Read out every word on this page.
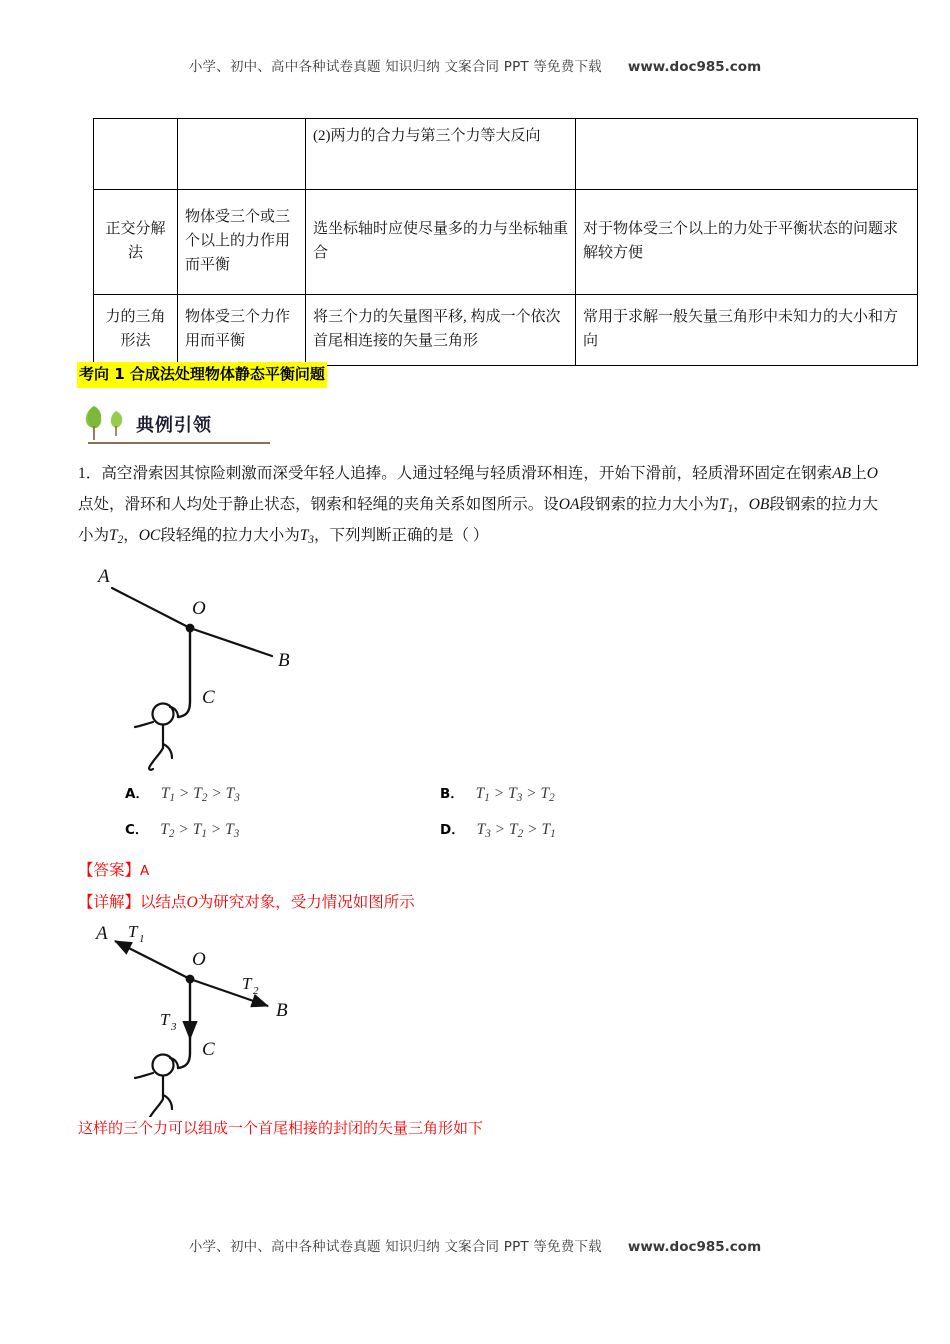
小学、初中、高中各种试卷真题 知识归纳 文案合同 PPT 等免费下载 www.doc985.com
		(2)两力的合力与第三个力等大反向	
正交分解法	物体受三个或三个以上的力作用而平衡	选坐标轴时应使尽量多的力与坐标轴重合	对于物体受三个以上的力处于平衡状态的问题求解较方便
力的三角形法	物体受三个力作用而平衡	将三个力的矢量图平移, 构成一个依次首尾相连接的矢量三角形	常用于求解一般矢量三角形中未知力的大小和方向
考向 1 合成法处理物体静态平衡问题
典例引领
1．高空滑索因其惊险刺激而深受年轻人追捧。人通过轻绳与轻质滑环相连，开始下滑前，轻质滑环固定在钢索AB上O点处，滑环和人均处于静止状态，钢索和轻绳的夹角关系如图所示。设OA段钢索的拉力大小为$T_1$，OB段钢索的拉力大小为$T_2$，OC段轻绳的拉力大小为$T_3$，下列判断正确的是（ ）
A
O
B
C
A． $T_1 > T_2 > T_3$	B． $T_1 > T_3 > T_2$
C． $T_2 > T_1 > T_3$	D． $T_3 > T_2 > T_1$
【答案】A
【详解】以结点O为研究对象，受力情况如图所示
A
O
B
C
T 1
T 2
T 3
这样的三个力可以组成一个首尾相接的封闭的矢量三角形如下
小学、初中、高中各种试卷真题 知识归纳 文案合同 PPT 等免费下载 www.doc985.com
